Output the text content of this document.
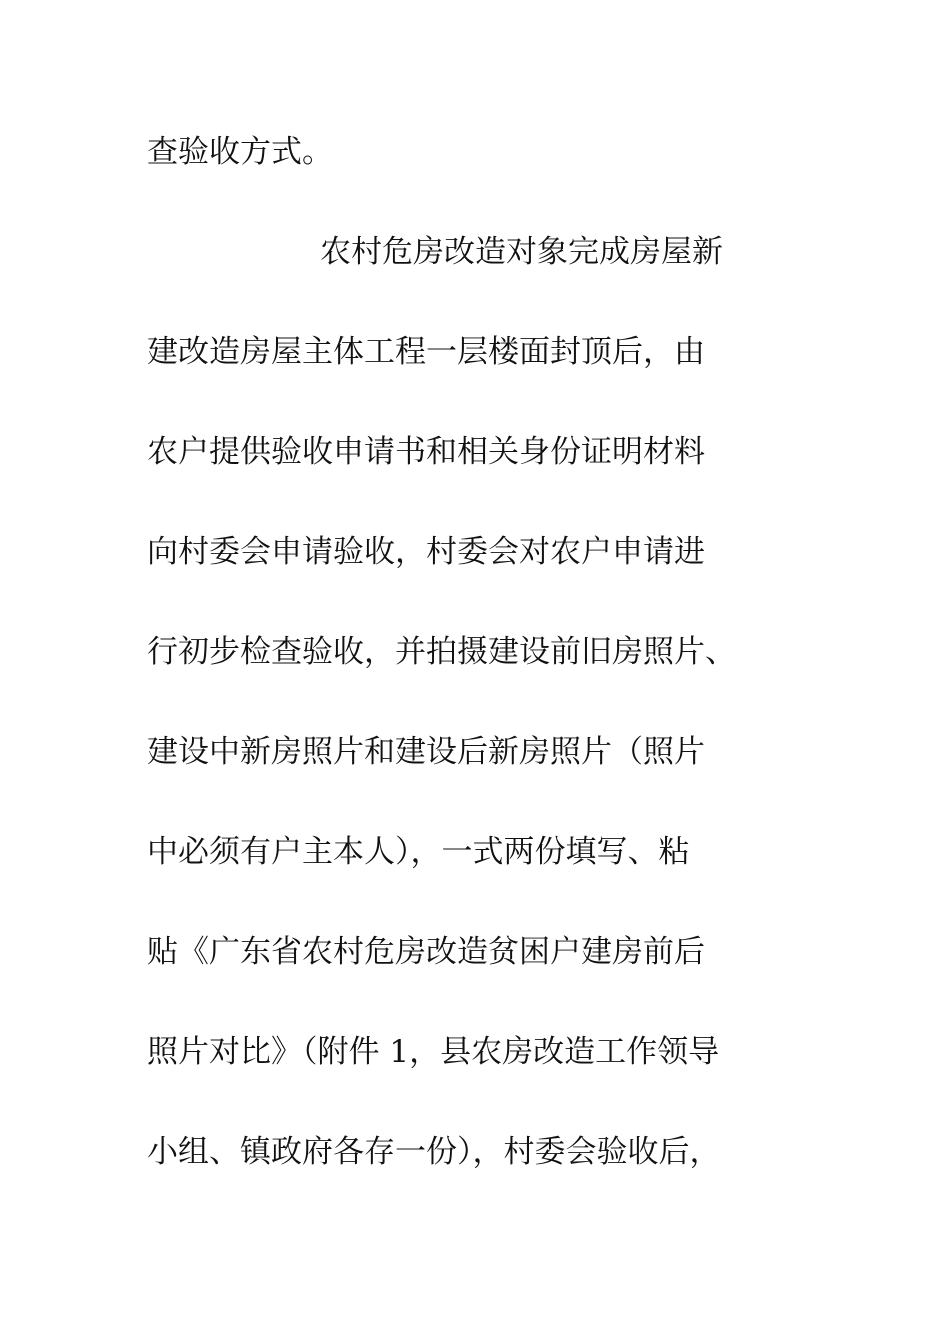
查验收方式。
农村危房改造对象完成房屋新
建改造房屋主体工程一层楼面封顶后，由
农户提供验收申请书和相关身份证明材料
向村委会申请验收，村委会对农户申请进
行初步检查验收，并拍摄建设前旧房照片、
建设中新房照片和建设后新房照片（照片
中必须有户主本人），一式两份填写、粘
贴《广东省农村危房改造贫困户建房前后
照片对比》（附件 1，县农房改造工作领导
小组、镇政府各存一份），村委会验收后，
